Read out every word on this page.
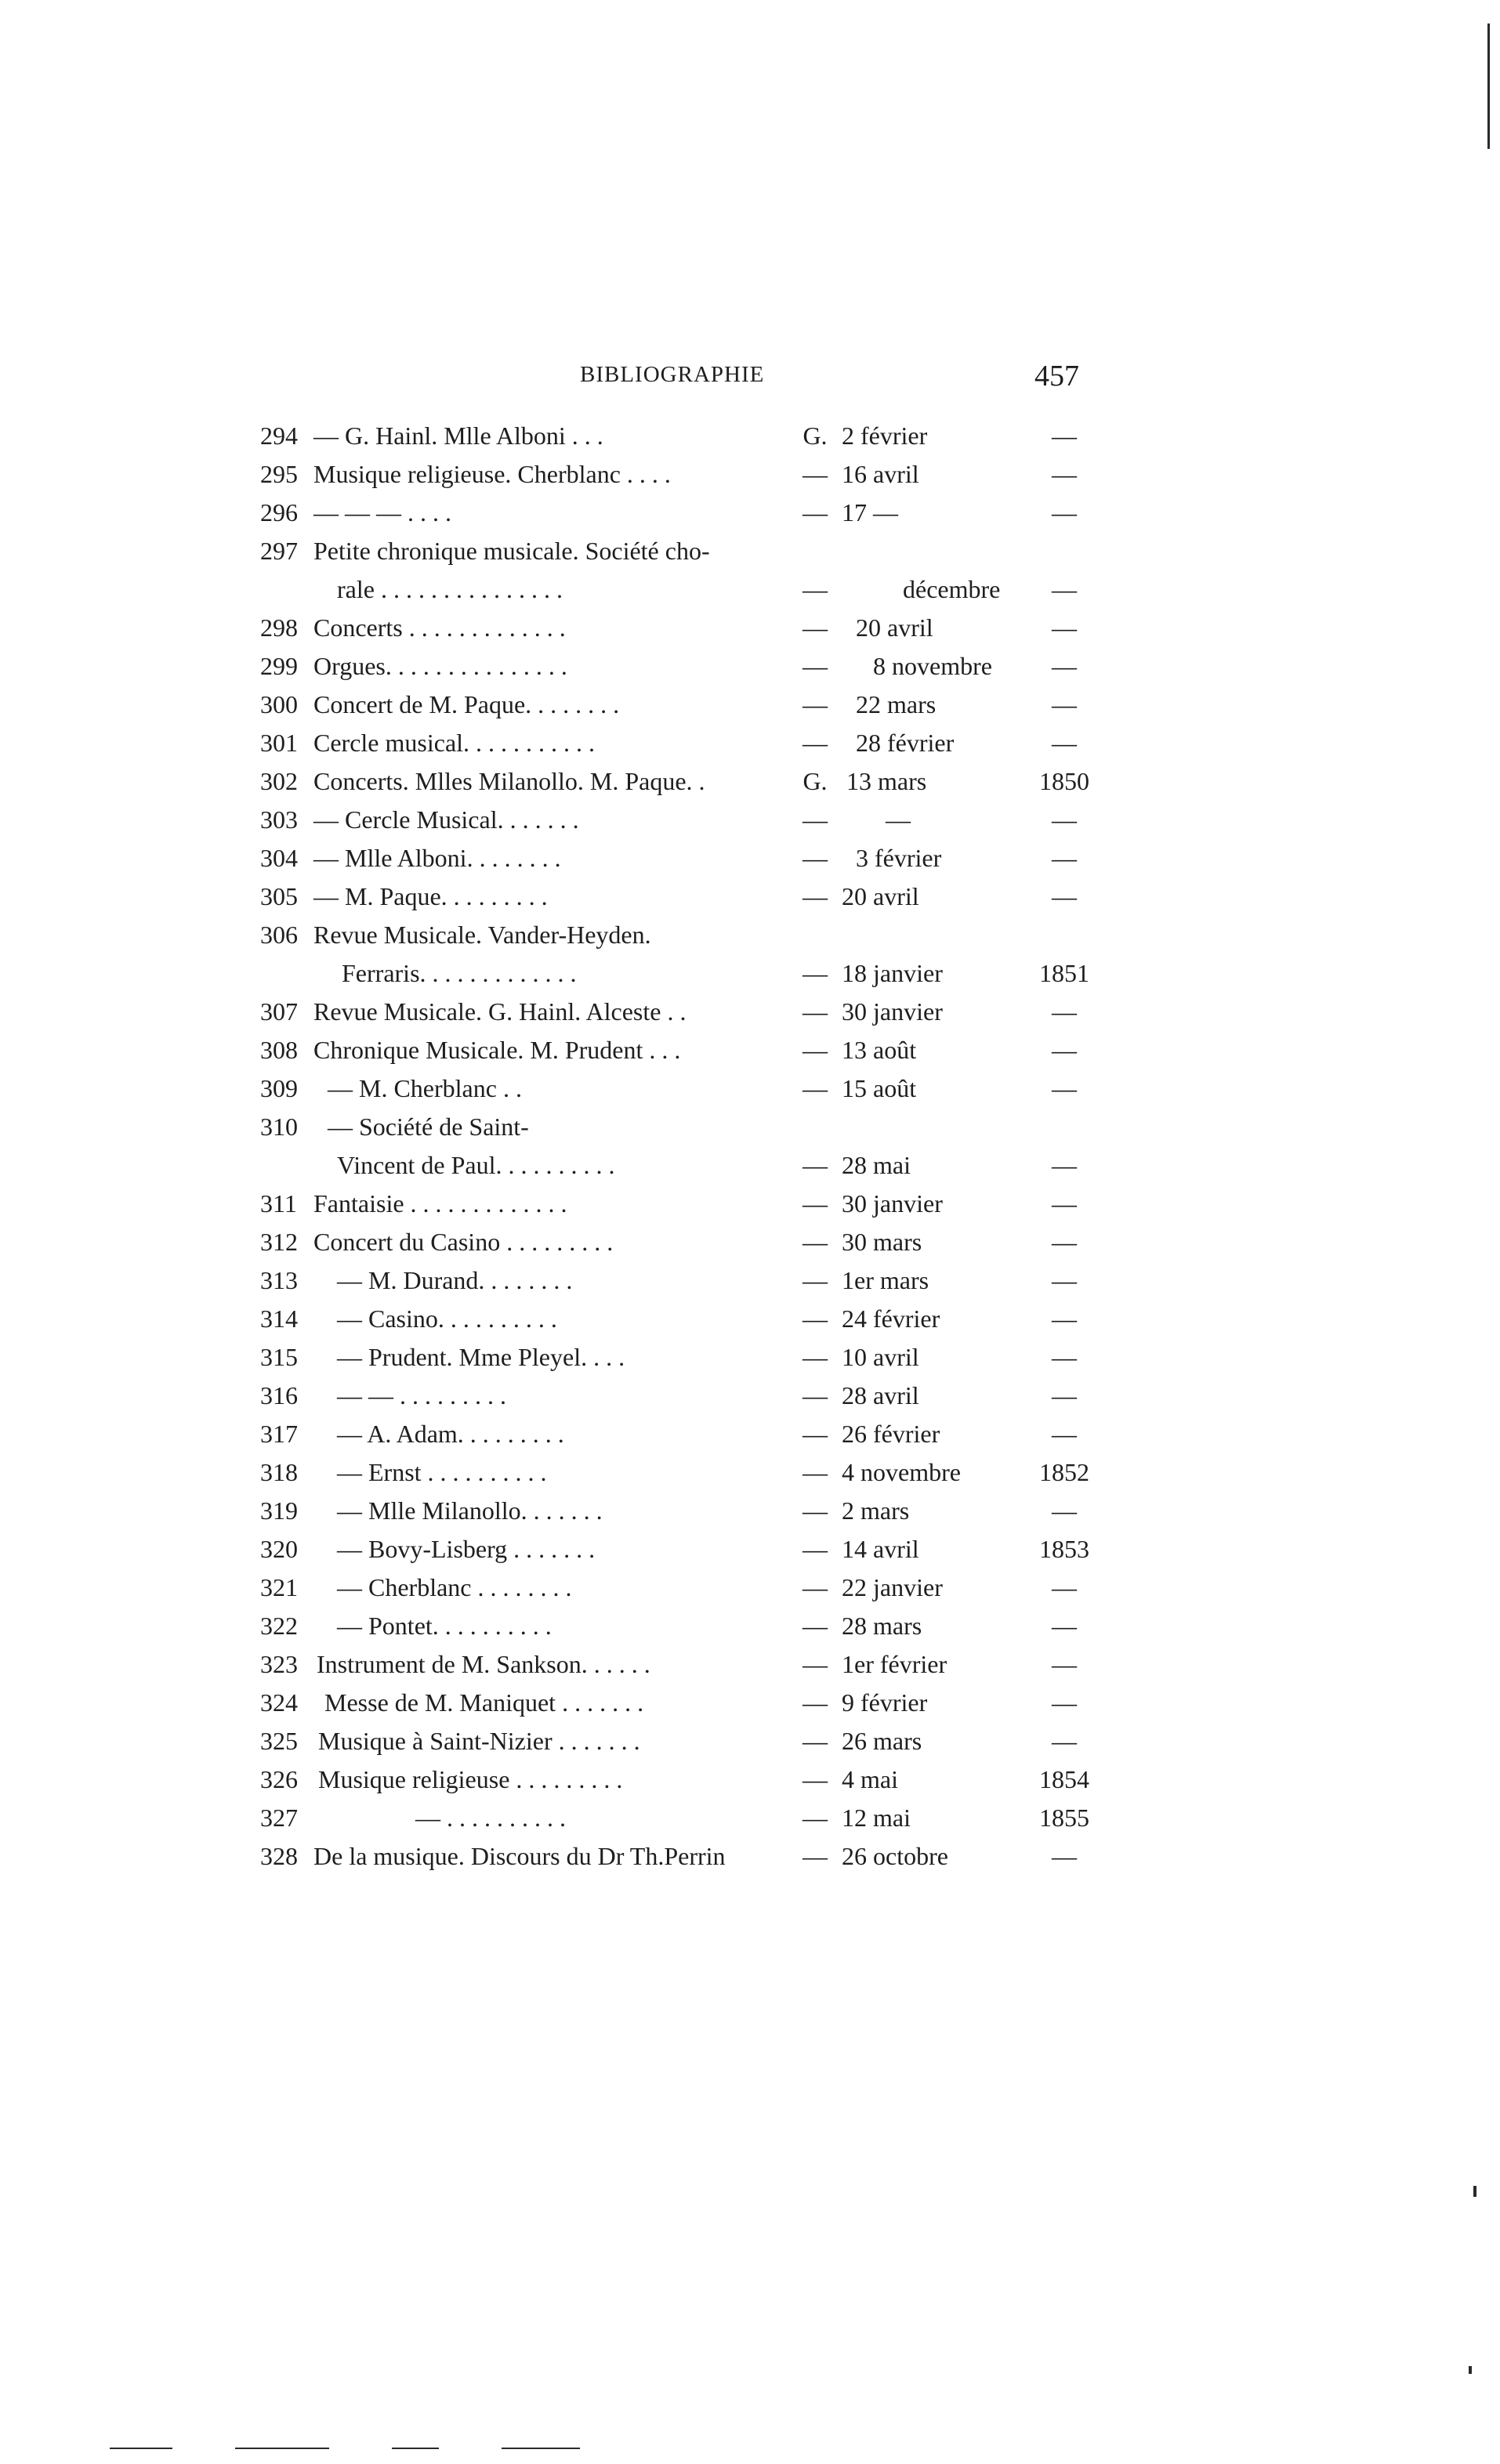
BIBLIOGRAPHIE	457
294 — G. Hainl. Mlle Alboni . . .	G. 2 février	—
295 Musique religieuse. Cherblanc . . . .	— 16 avril	—
296 — — — . . . .	— 17 —	—
297 Petite chronique musicale. Société cho-
rale . . . . . . . . . . . . . . .	—	décembre	—
298 Concerts . . . . . . . . . . . . .	—	20 avril	—
299 Orgues. . . . . . . . . . . . . . .	—	8 novembre	—
300 Concert de M. Paque. . . . . . . .	—	22 mars	—
301 Cercle musical. . . . . . . . . . .	—	28 février	—
302 Concerts. Mlles Milanollo. M. Paque. .	G. 13 mars	1850
303 — Cercle Musical. . . . . . .	—	—	—
304 — Mlle Alboni. . . . . . . .	—	3 février	—
305 — M. Paque. . . . . . . . .	— 20 avril	—
306 Revue Musicale. Vander-Heyden.
Ferraris. . . . . . . . . . . . .	— 18 janvier	1851
307 Revue Musicale. G. Hainl. Alceste . .	— 30 janvier	—
308 Chronique Musicale. M. Prudent . . .	— 13 août	—
309 — M. Cherblanc . .	— 15 août	—
310 — Société de Saint-
Vincent de Paul. . . . . . . . . .	— 28 mai	—
311 Fantaisie . . . . . . . . . . . . .	— 30 janvier	—
312 Concert du Casino . . . . . . . . .	— 30 mars	—
313 — M. Durand. . . . . . . .	— 1er mars	—
314 — Casino. . . . . . . . . .	— 24 février	—
315 — Prudent. Mme Pleyel. . . .	— 10 avril	—
316 — — . . . . . . . . .	— 28 avril	—
317 — A. Adam. . . . . . . . .	— 26 février	—
318 — Ernst . . . . . . . . . .	— 4 novembre	1852
319 — Mlle Milanollo. . . . . . .	— 2 mars	—
320 — Bovy-Lisberg . . . . . . .	— 14 avril	1853
321 — Cherblanc . . . . . . . .	— 22 janvier	—
322 — Pontet. . . . . . . . . .	— 28 mars	—
323 Instrument de M. Sankson. . . . . .	— 1er février	—
324 Messe de M. Maniquet . . . . . . .	— 9 février	—
325 Musique à Saint-Nizier . . . . . . .	— 26 mars	—
326 Musique religieuse . . . . . . . . .	— 4 mai	1854
327	— . . . . . . . . . .	— 12 mai	1855
328 De la musique. Discours du Dr Th.Perrin	— 26 octobre	—
